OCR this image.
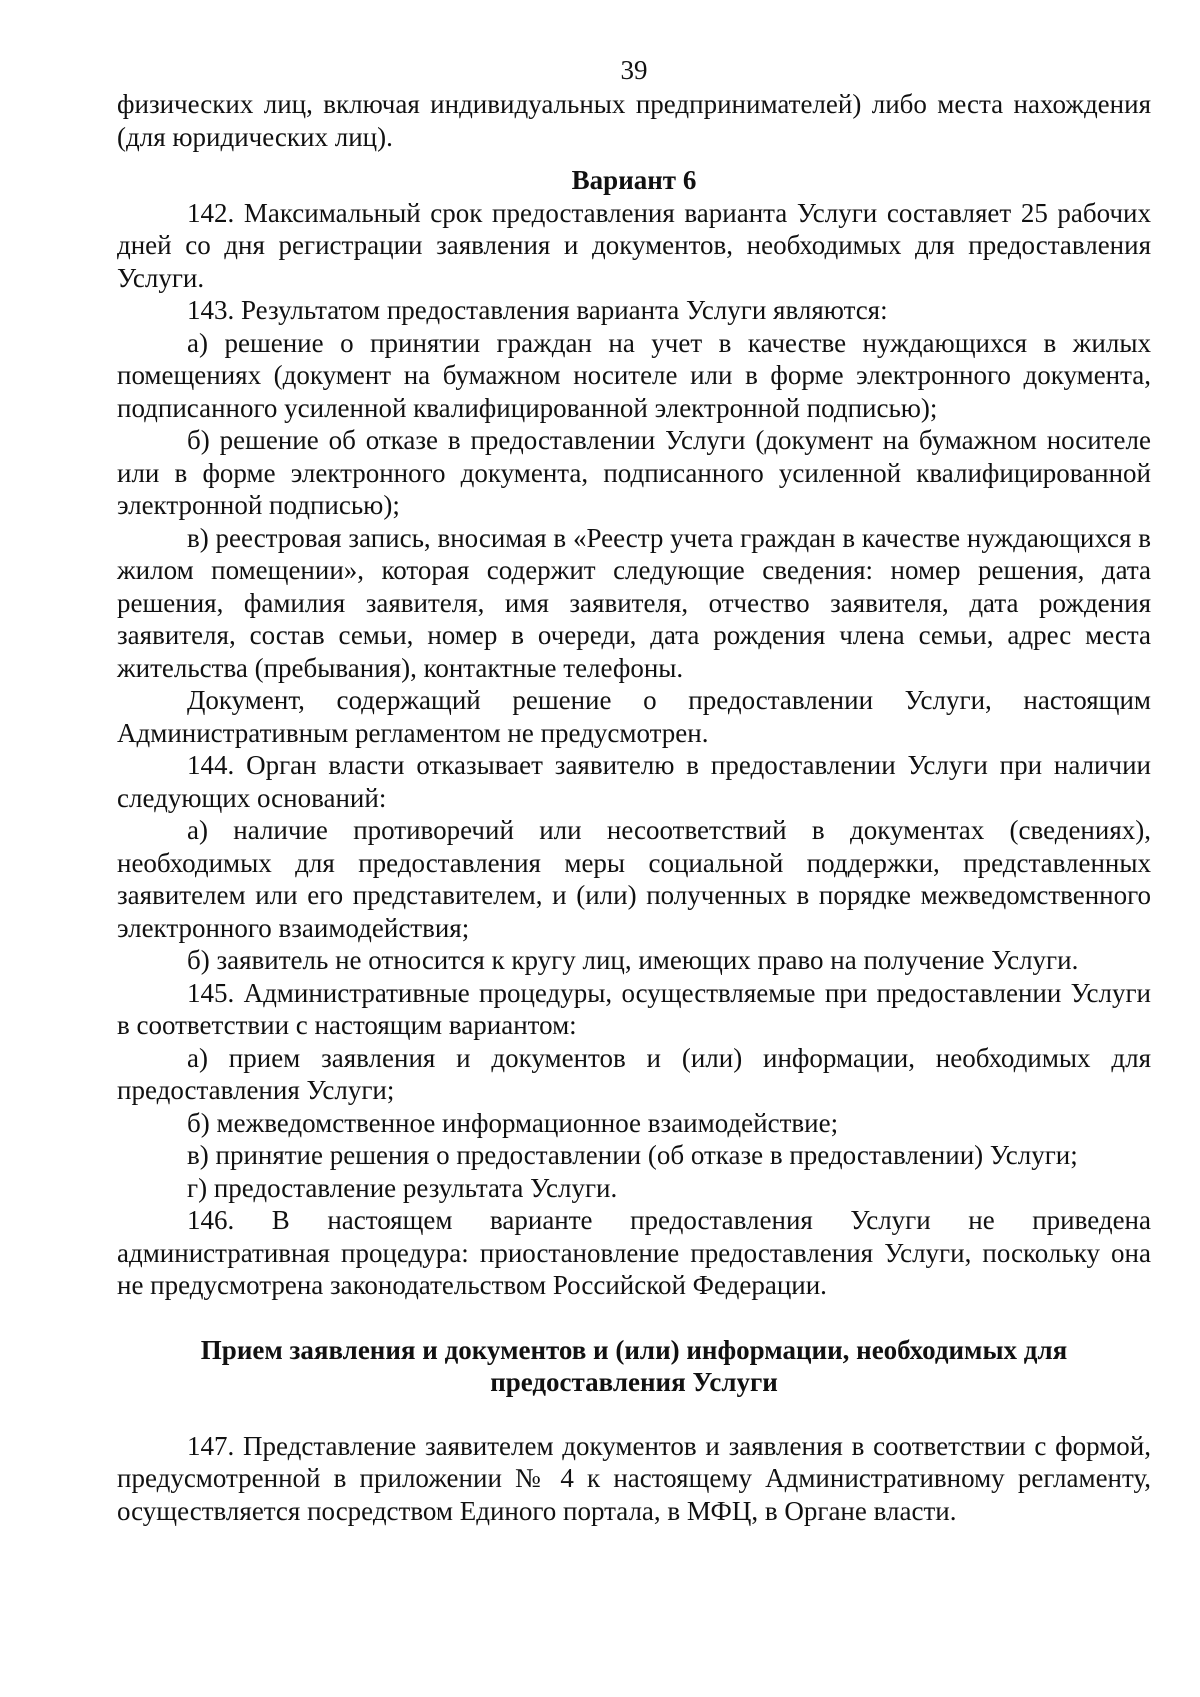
39

физических лиц, включая индивидуальных предпринимателей) либо места нахождения (для юридических лиц).

Вариант 6

142. Максимальный срок предоставления варианта Услуги составляет 25 рабочих дней со дня регистрации заявления и документов, необходимых для предоставления Услуги.

143. Результатом предоставления варианта Услуги являются:

а) решение о принятии граждан на учет в качестве нуждающихся в жилых помещениях (документ на бумажном носителе или в форме электронного документа, подписанного усиленной квалифицированной электронной подписью);

б) решение об отказе в предоставлении Услуги (документ на бумажном носителе или в форме электронного документа, подписанного усиленной квалифицированной электронной подписью);

в) реестровая запись, вносимая в «Реестр учета граждан в качестве нуждающихся в жилом помещении», которая содержит следующие сведения: номер решения, дата решения, фамилия заявителя, имя заявителя, отчество заявителя, дата рождения заявителя, состав семьи, номер в очереди, дата рождения члена семьи, адрес места жительства (пребывания), контактные телефоны.

Документ, содержащий решение о предоставлении Услуги, настоящим Административным регламентом не предусмотрен.

144. Орган власти отказывает заявителю в предоставлении Услуги при наличии следующих оснований:

а) наличие противоречий или несоответствий в документах (сведениях), необходимых для предоставления меры социальной поддержки, представленных заявителем или его представителем, и (или) полученных в порядке межведомственного электронного взаимодействия;

б) заявитель не относится к кругу лиц, имеющих право на получение Услуги.

145. Административные процедуры, осуществляемые при предоставлении Услуги в соответствии с настоящим вариантом:

а) прием заявления и документов и (или) информации, необходимых для предоставления Услуги;

б) межведомственное информационное взаимодействие;

в) принятие решения о предоставлении (об отказе в предоставлении) Услуги;

г) предоставление результата Услуги.

146. В настоящем варианте предоставления Услуги не приведена административная процедура: приостановление предоставления Услуги, поскольку она не предусмотрена законодательством Российской Федерации.

Прием заявления и документов и (или) информации, необходимых для предоставления Услуги

147. Представление заявителем документов и заявления в соответствии с формой, предусмотренной в приложении № 4 к настоящему Административному регламенту, осуществляется посредством Единого портала, в МФЦ, в Органе власти.
